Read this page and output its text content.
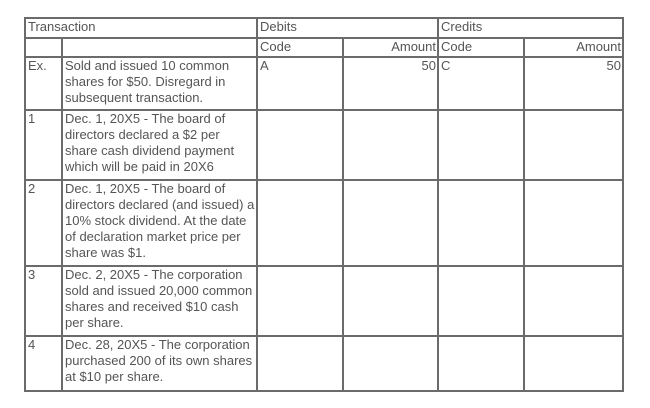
Transaction		Debits		Credits	
		Code	Amount	Code	Amount
Ex.	Sold and issued 10 common shares for $50. Disregard in subsequent transaction.	A	50	C	50
1	Dec. 1, 20X5 - The board of directors declared a $2 per share cash dividend payment which will be paid in 20X6				
2	Dec. 1, 20X5 - The board of directors declared (and issued) a 10% stock dividend. At the date of declaration market price per share was $1.				
3	Dec. 2, 20X5 - The corporation sold and issued 20,000 common shares and received $10 cash per share.				
4	Dec. 28, 20X5 - The corporation purchased 200 of its own shares at $10 per share.				
